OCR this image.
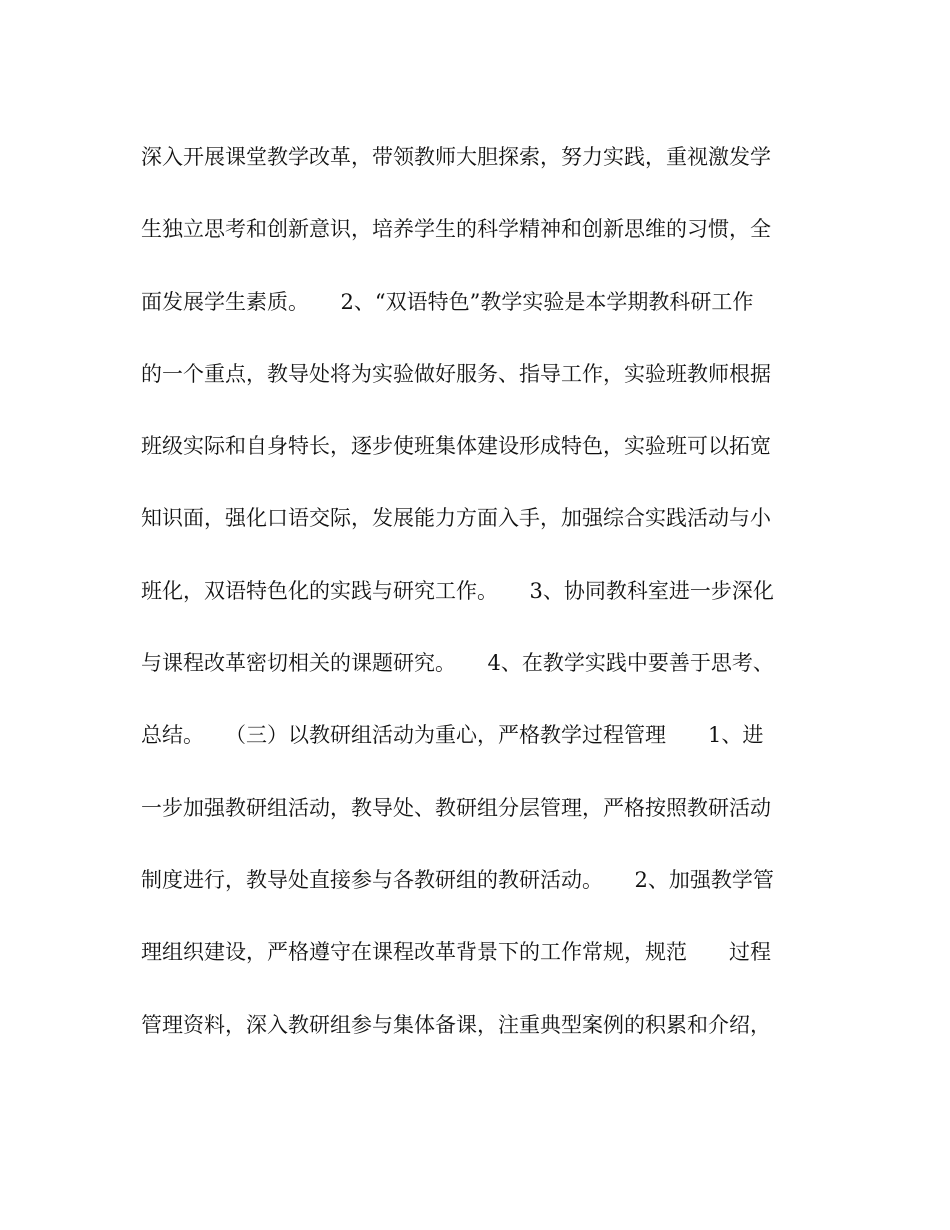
深入开展课堂教学改革，带领教师大胆探索，努力实践，重视激发学
生独立思考和创新意识，培养学生的科学精神和创新思维的习惯，全
面发展学生素质。　　2、“双语特色”教学实验是本学期教科研工作
的一个重点，教导处将为实验做好服务、指导工作，实验班教师根据
班级实际和自身特长，逐步使班集体建设形成特色，实验班可以拓宽
知识面，强化口语交际，发展能力方面入手，加强综合实践活动与小
班化，双语特色化的实践与研究工作。　　3、协同教科室进一步深化
与课程改革密切相关的课题研究。　　4、在教学实践中要善于思考、
总结。　　（三）以教研组活动为重心，严格教学过程管理　　1、进
一步加强教研组活动，教导处、教研组分层管理，严格按照教研活动
制度进行，教导处直接参与各教研组的教研活动。　　2、加强教学管
理组织建设，严格遵守在课程改革背景下的工作常规，规范　　过程
管理资料，深入教研组参与集体备课，注重典型案例的积累和介绍，
